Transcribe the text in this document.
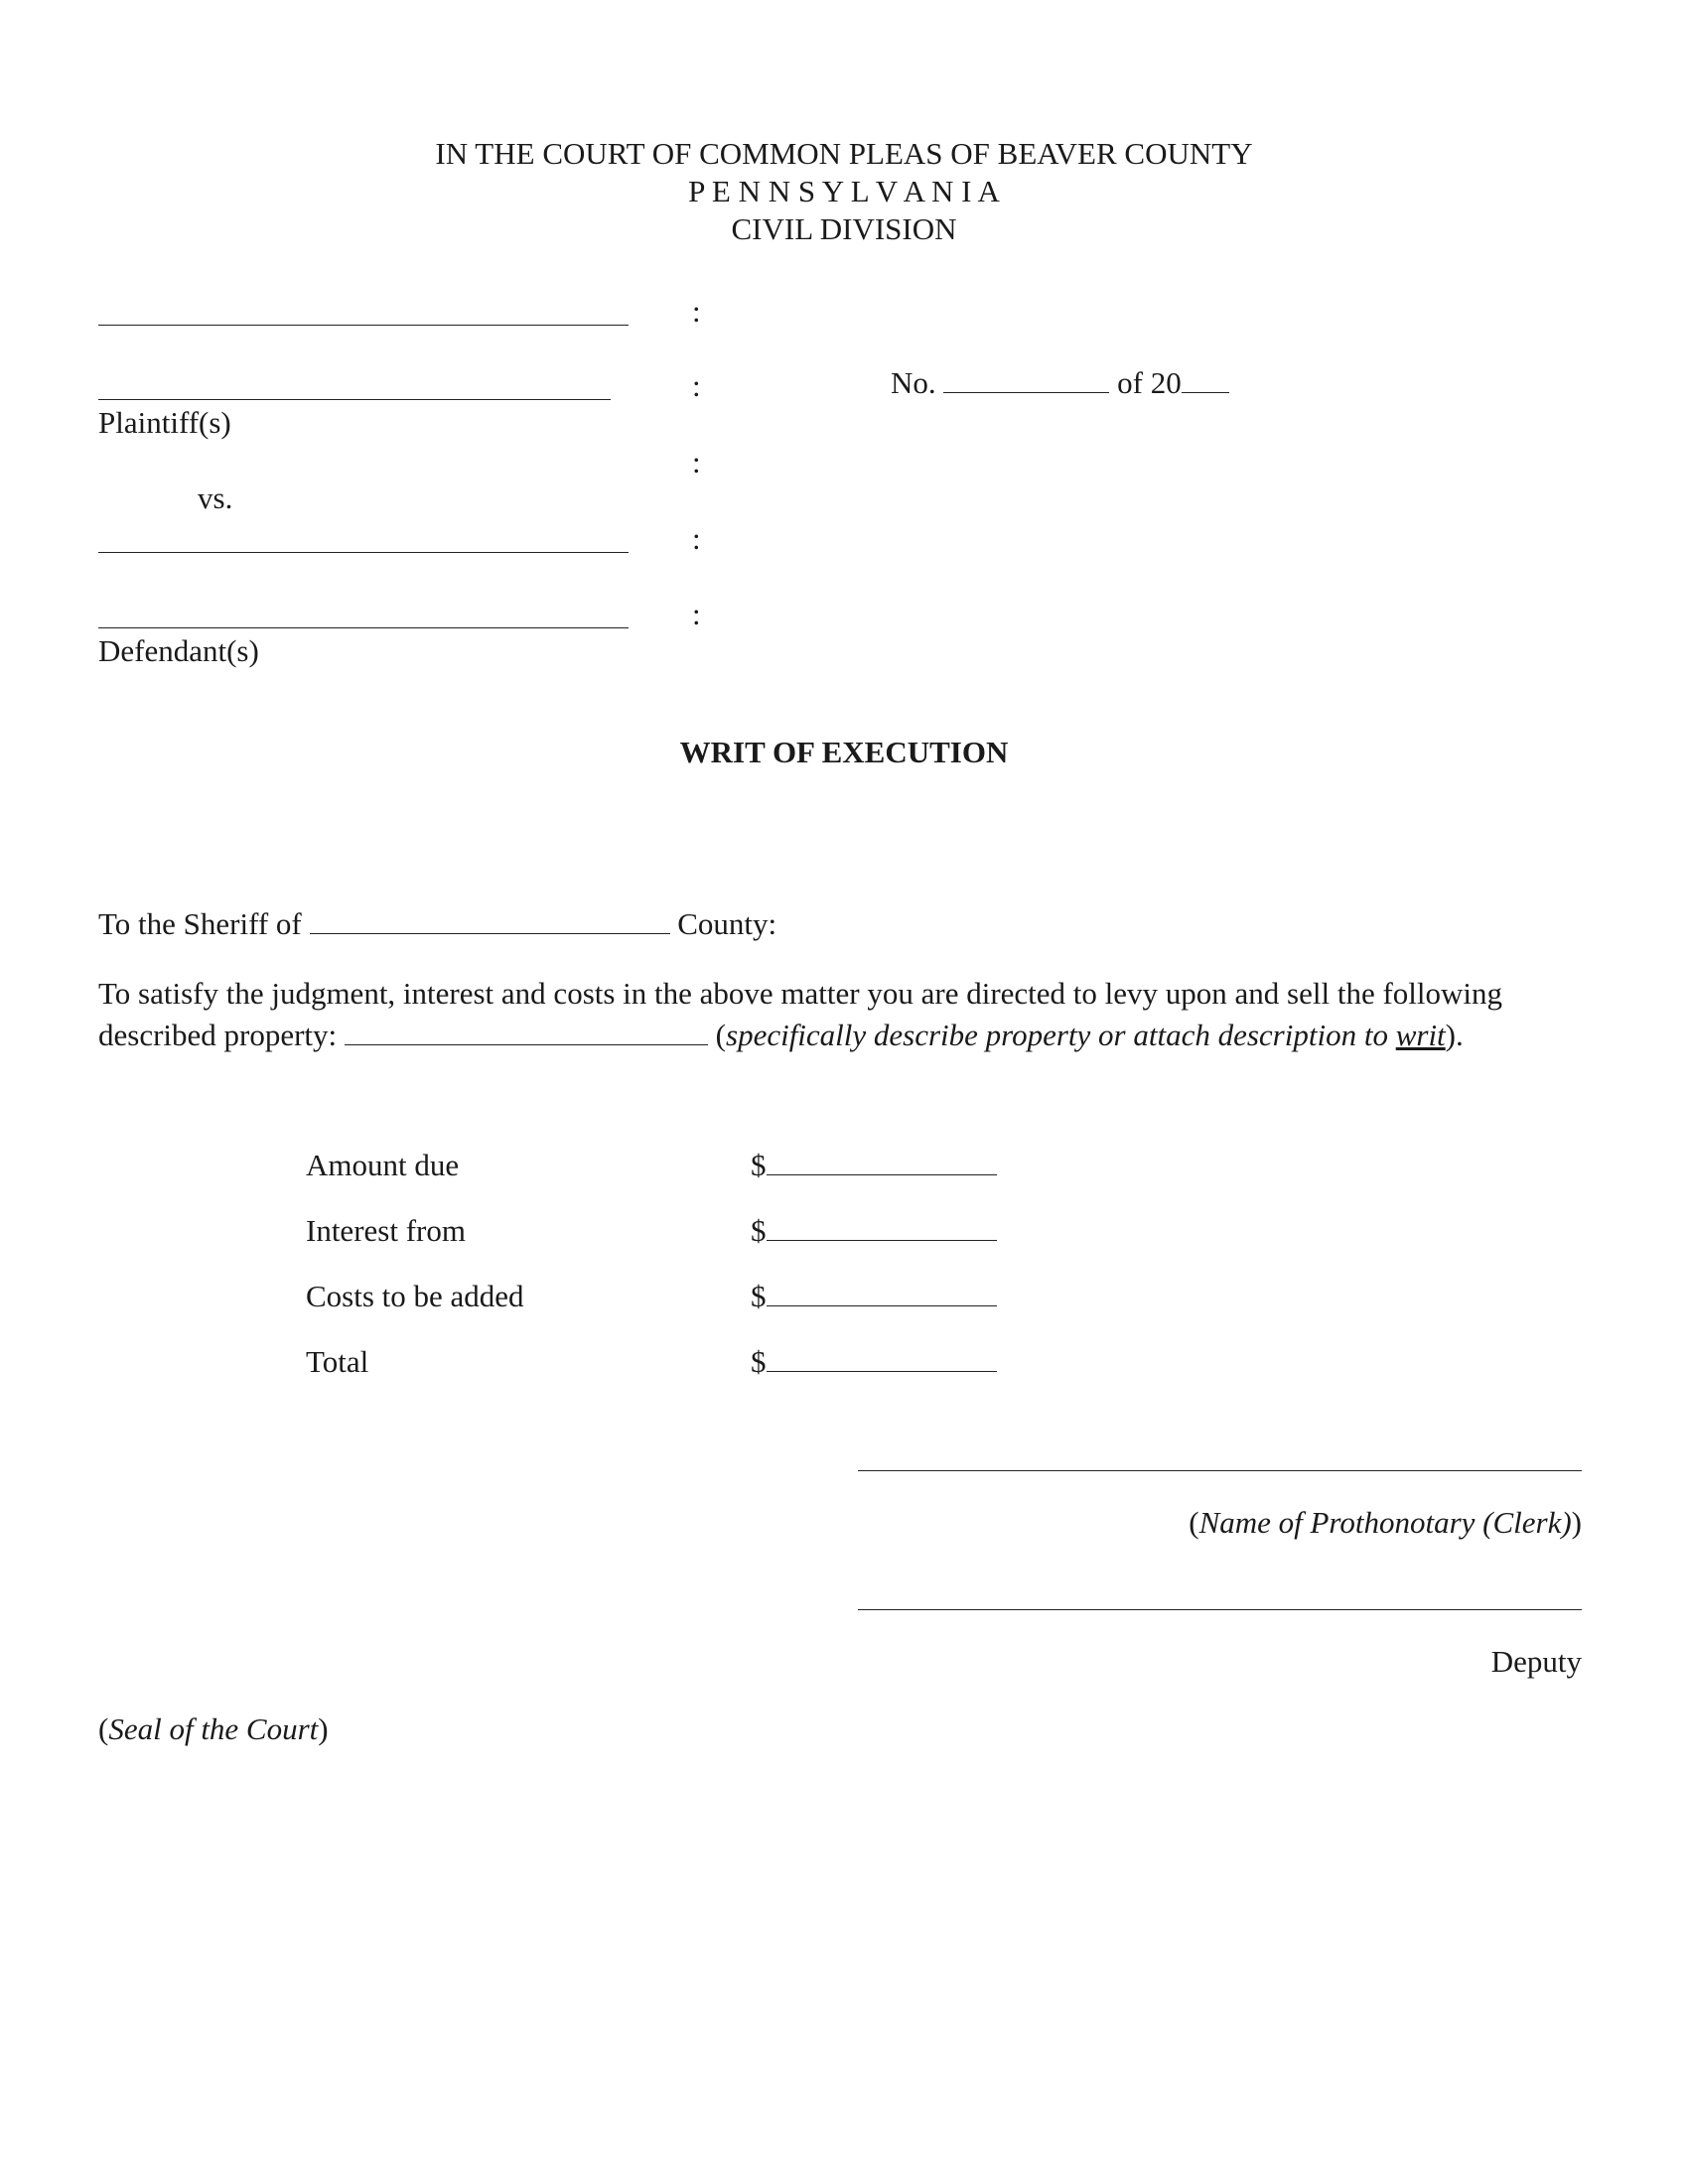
IN THE COURT OF COMMON PLEAS OF BEAVER COUNTY
P E N N S Y L V A N I A
CIVIL DIVISION
:
:	No.	of 20
Plaintiff(s)
:
vs.
:
:
Defendant(s)
WRIT OF EXECUTION
To the Sheriff of	County:
To satisfy the judgment, interest and costs in the above matter you are directed to levy upon and sell the following
described property:	(specifically describe property or attach description to writ).
Amount due	$
Interest from	$
Costs to be added	$
Total	$
(Name of Prothonotary (Clerk))
Deputy
(Seal of the Court)
